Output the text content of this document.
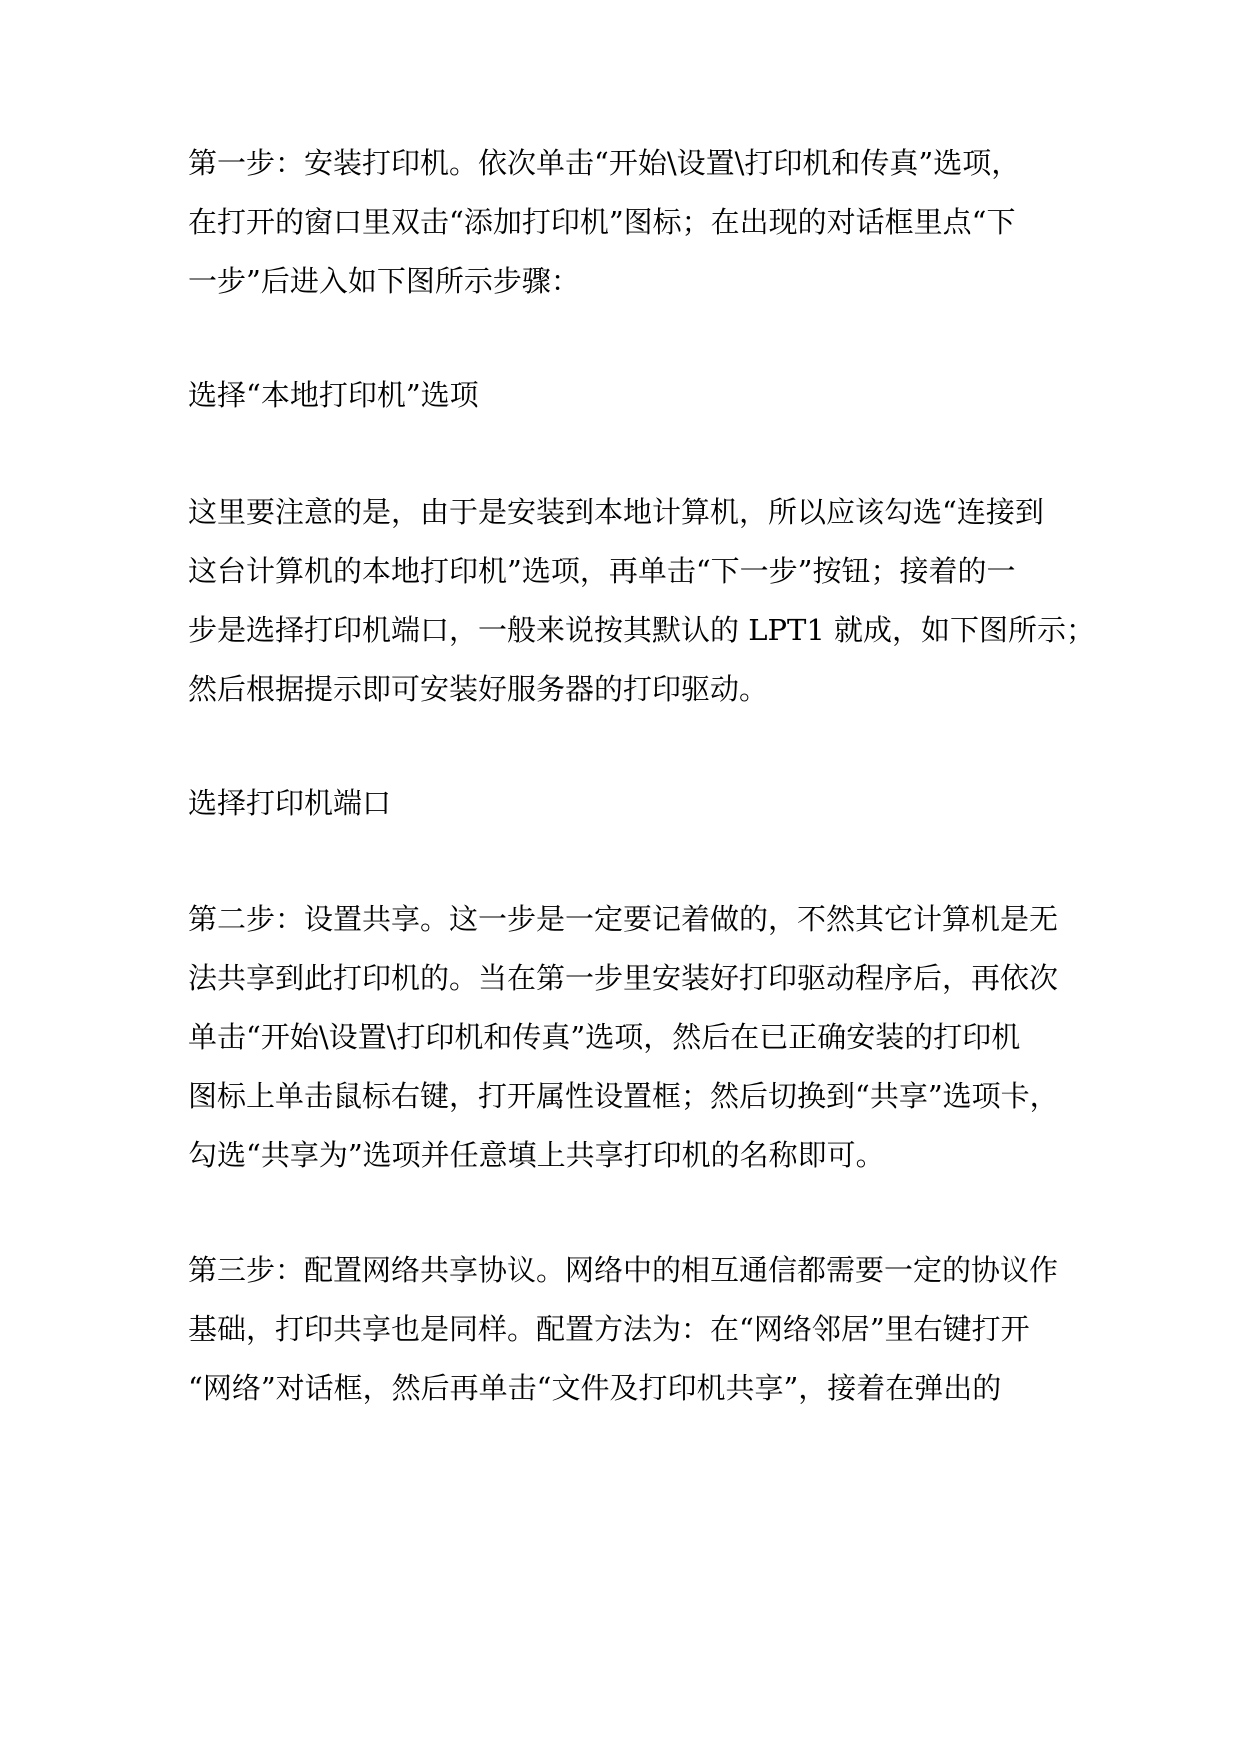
第一步：安装打印机。依次单击“开始\设置\打印机和传真”选项，
在打开的窗口里双击“添加打印机”图标；在出现的对话框里点“下
一步”后进入如下图所示步骤：
选择“本地打印机”选项
这里要注意的是，由于是安装到本地计算机，所以应该勾选“连接到
这台计算机的本地打印机”选项，再单击“下一步”按钮；接着的一
步是选择打印机端口，一般来说按其默认的 LPT1 就成，如下图所示；
然后根据提示即可安装好服务器的打印驱动。
选择打印机端口
第二步：设置共享。这一步是一定要记着做的，不然其它计算机是无
法共享到此打印机的。当在第一步里安装好打印驱动程序后，再依次
单击“开始\设置\打印机和传真”选项，然后在已正确安装的打印机
图标上单击鼠标右键，打开属性设置框；然后切换到“共享”选项卡，
勾选“共享为”选项并任意填上共享打印机的名称即可。
第三步：配置网络共享协议。网络中的相互通信都需要一定的协议作
基础，打印共享也是同样。配置方法为：在“网络邻居”里右键打开
“网络”对话框，然后再单击“文件及打印机共享”，接着在弹出的
